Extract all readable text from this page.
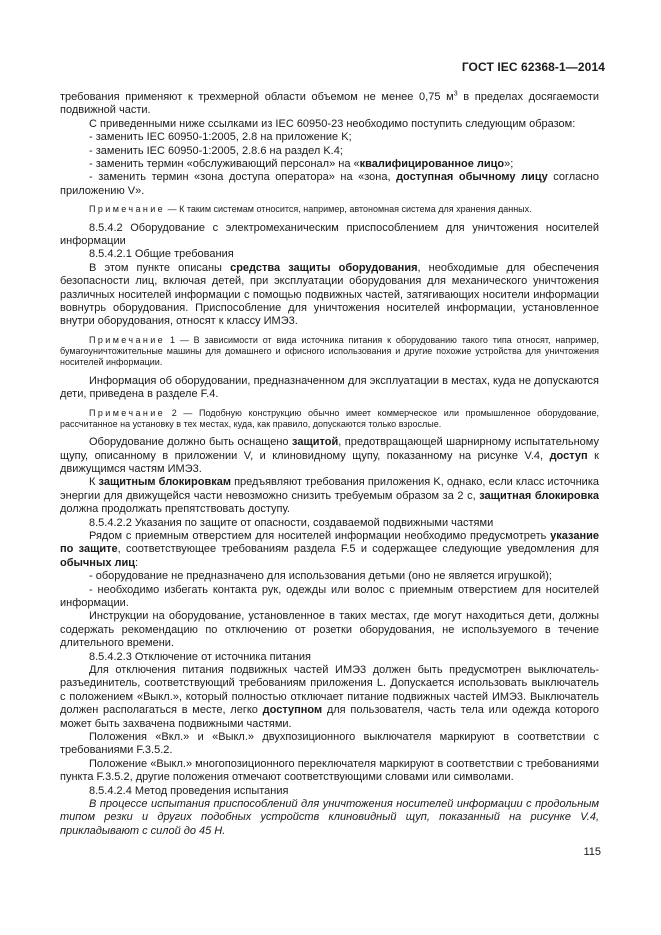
ГОСТ IEC 62368-1—2014

требования применяют к трехмерной области объемом не менее 0,75 $м^3$ в пределах досягаемости подвижной части.

С приведенными ниже ссылками из IEC 60950-23 необходимо поступить следующим образом:

- заменить IEC 60950-1:2005, 2.8 на приложение K;

- заменить IEC 60950-1:2005, 2.8.6 на раздел K.4;

- заменить термин «обслуживающий персонал» на «квалифицированное лицо»;

- заменить термин «зона доступа оператора» на «зона, доступная обычному лицу согласно приложению V».

Примечание — К таким системам относится, например, автономная система для хранения данных.

8.5.4.2 Оборудование с электромеханическим приспособлением для уничтожения носителей информации

8.5.4.2.1 Общие требования

В этом пункте описаны средства защиты оборудования, необходимые для обеспечения безопасности лиц, включая детей, при эксплуатации оборудования для механического уничтожения различных носителей информации с помощью подвижных частей, затягивающих носители информации вовнутрь оборудования. Приспособление для уничтожения носителей информации, установленное внутри оборудования, относят к классу ИМЭ3.

Примечание 1 — В зависимости от вида источника питания к оборудованию такого типа относят, например, бумагоуничтожительные машины для домашнего и офисного использования и другие похожие устройства для уничтожения носителей информации.

Информация об оборудовании, предназначенном для эксплуатации в местах, куда не допускаются дети, приведена в разделе F.4.

Примечание 2 — Подобную конструкцию обычно имеет коммерческое или промышленное оборудование, рассчитанное на установку в тех местах, куда, как правило, допускаются только взрослые.

Оборудование должно быть оснащено защитой, предотвращающей шарнирному испытательному щупу, описанному в приложении V, и клиновидному щупу, показанному на рисунке V.4, доступ к движущимся частям ИМЭ3.

К защитным блокировкам предъявляют требования приложения K, однако, если класс источника энергии для движущейся части невозможно снизить требуемым образом за 2 с, защитная блокировка должна продолжать препятствовать доступу.

8.5.4.2.2 Указания по защите от опасности, создаваемой подвижными частями

Рядом с приемным отверстием для носителей информации необходимо предусмотреть указание по защите, соответствующее требованиям раздела F.5 и содержащее следующие уведомления для обычных лиц:

- оборудование не предназначено для использования детьми (оно не является игрушкой);

- необходимо избегать контакта рук, одежды или волос с приемным отверстием для носителей информации.

Инструкции на оборудование, установленное в таких местах, где могут находиться дети, должны содержать рекомендацию по отключению от розетки оборудования, не используемого в течение длительного времени.

8.5.4.2.3 Отключение от источника питания

Для отключения питания подвижных частей ИМЭ3 должен быть предусмотрен выключатель-разъединитель, соответствующий требованиям приложения L. Допускается использовать выключатель с положением «Выкл.», который полностью отключает питание подвижных частей ИМЭ3. Выключатель должен располагаться в месте, легко доступном для пользователя, часть тела или одежда которого может быть захвачена подвижными частями.

Положения «Вкл.» и «Выкл.» двухпозиционного выключателя маркируют в соответствии с требованиями F.3.5.2.

Положение «Выкл.» многопозиционного переключателя маркируют в соответствии с требованиями пункта F.3.5.2, другие положения отмечают соответствующими словами или символами.

8.5.4.2.4 Метод проведения испытания

В процессе испытания приспособлений для уничтожения носителей информации с продольным типом резки и других подобных устройств клиновидный щуп, показанный на рисунке V.4, прикладывают с силой до 45 Н.

115
